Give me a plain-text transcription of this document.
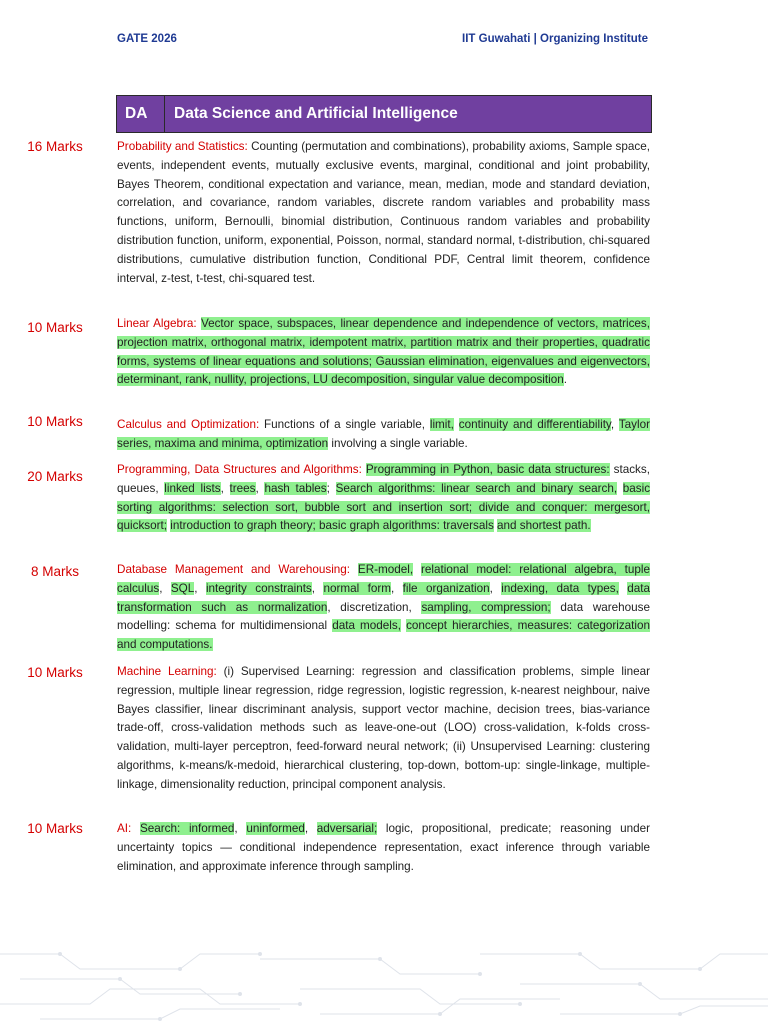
GATE 2026	IIT Guwahati | Organizing Institute
DA	Data Science and Artificial Intelligence
16 Marks	Probability and Statistics: Counting (permutation and combinations), probability axioms, Sample space, events, independent events, mutually exclusive events, marginal, conditional and joint probability, Bayes Theorem, conditional expectation and variance, mean, median, mode and standard deviation, correlation, and covariance, random variables, discrete random variables and probability mass functions, uniform, Bernoulli, binomial distribution, Continuous random variables and probability distribution function, uniform, exponential, Poisson, normal, standard normal, t-distribution, chi-squared distributions, cumulative distribution function, Conditional PDF, Central limit theorem, confidence interval, z-test, t-test, chi-squared test.
10 Marks	Linear Algebra: Vector space, subspaces, linear dependence and independence of vectors, matrices, projection matrix, orthogonal matrix, idempotent matrix, partition matrix and their properties, quadratic forms, systems of linear equations and solutions; Gaussian elimination, eigenvalues and eigenvectors, determinant, rank, nullity, projections, LU decomposition, singular value decomposition.
10 Marks	Calculus and Optimization: Functions of a single variable, limit, continuity and differentiability, Taylor series, maxima and minima, optimization involving a single variable.
20 Marks	Programming, Data Structures and Algorithms: Programming in Python, basic data structures: stacks, queues, linked lists, trees, hash tables; Search algorithms: linear search and binary search, basic sorting algorithms: selection sort, bubble sort and insertion sort; divide and conquer: mergesort, quicksort; introduction to graph theory; basic graph algorithms: traversals and shortest path.
8 Marks	Database Management and Warehousing: ER-model, relational model: relational algebra, tuple calculus, SQL, integrity constraints, normal form, file organization, indexing, data types, data transformation such as normalization, discretization, sampling, compression; data warehouse modelling: schema for multidimensional data models, concept hierarchies, measures: categorization and computations.
10 Marks	Machine Learning: (i) Supervised Learning: regression and classification problems, simple linear regression, multiple linear regression, ridge regression, logistic regression, k-nearest neighbour, naive Bayes classifier, linear discriminant analysis, support vector machine, decision trees, bias-variance trade-off, cross-validation methods such as leave-one-out (LOO) cross-validation, k-folds cross-validation, multi-layer perceptron, feed-forward neural network; (ii) Unsupervised Learning: clustering algorithms, k-means/k-medoid, hierarchical clustering, top-down, bottom-up: single-linkage, multiple-linkage, dimensionality reduction, principal component analysis.
10 Marks	AI: Search: informed, uninformed, adversarial; logic, propositional, predicate; reasoning under uncertainty topics — conditional independence representation, exact inference through variable elimination, and approximate inference through sampling.
